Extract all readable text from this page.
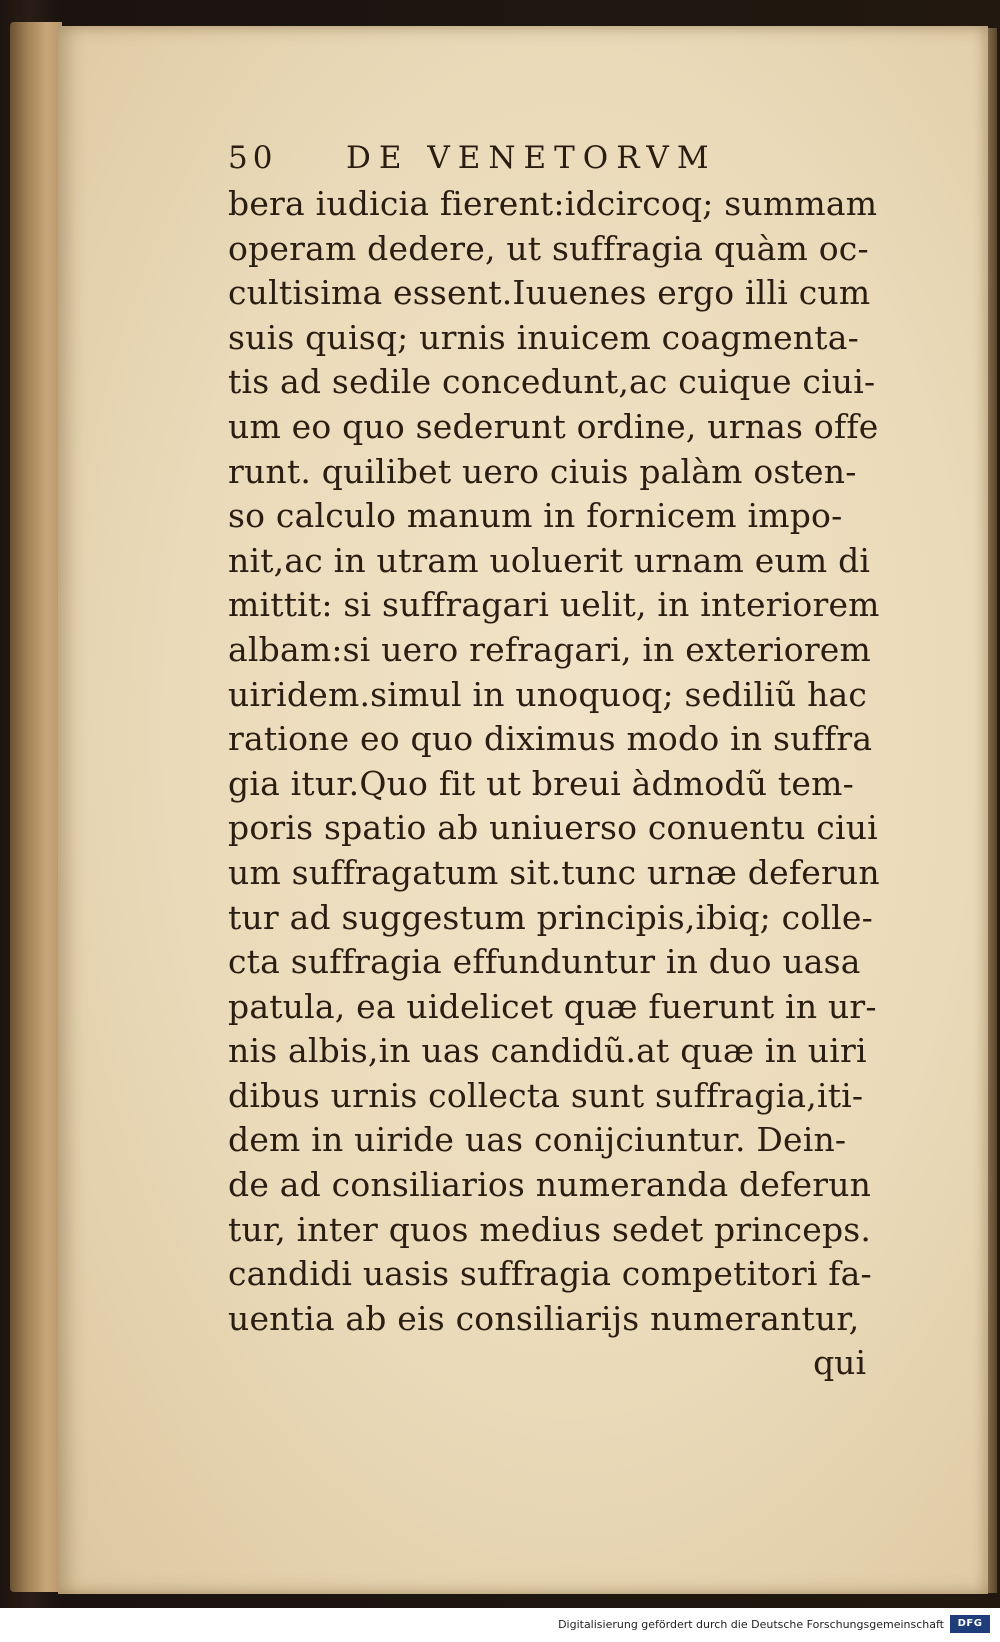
50	DE VENETORVM
bera iudicia fierent:idcircoq; summam
operam dedere, ut suffragia quàm oc-
cultisima essent.Iuuenes ergo illi cum
suis quisq; urnis inuicem coagmenta-
tis ad sedile concedunt,ac cuique ciui-
um eo quo sederunt ordine, urnas offe
runt. quilibet uero ciuis palàm osten-
so calculo manum in fornicem impo-
nit,ac in utram uoluerit urnam eum di
mittit: si suffragari uelit, in interiorem
albam:si uero refragari, in exteriorem
uiridem.simul in unoquoq; sediliũ hac
ratione eo quo diximus modo in suffra
gia itur.Quo fit ut breui àdmodũ tem-
poris spatio ab uniuerso conuentu ciui
um suffragatum sit.tunc urnæ deferun
tur ad suggestum principis,ibiq; colle-
cta suffragia effunduntur in duo uasa
patula, ea uidelicet quæ fuerunt in ur-
nis albis,in uas candidũ.at quæ in uiri
dibus urnis collecta sunt suffragia,iti-
dem in uiride uas conijciuntur. Dein-
de ad consiliarios numeranda deferun
tur, inter quos medius sedet princeps.
candidi uasis suffragia competitori fa-
uentia ab eis consiliarijs numerantur,
qui
Digitalisierung gefördert durch die Deutsche Forschungsgemeinschaft	DFG
